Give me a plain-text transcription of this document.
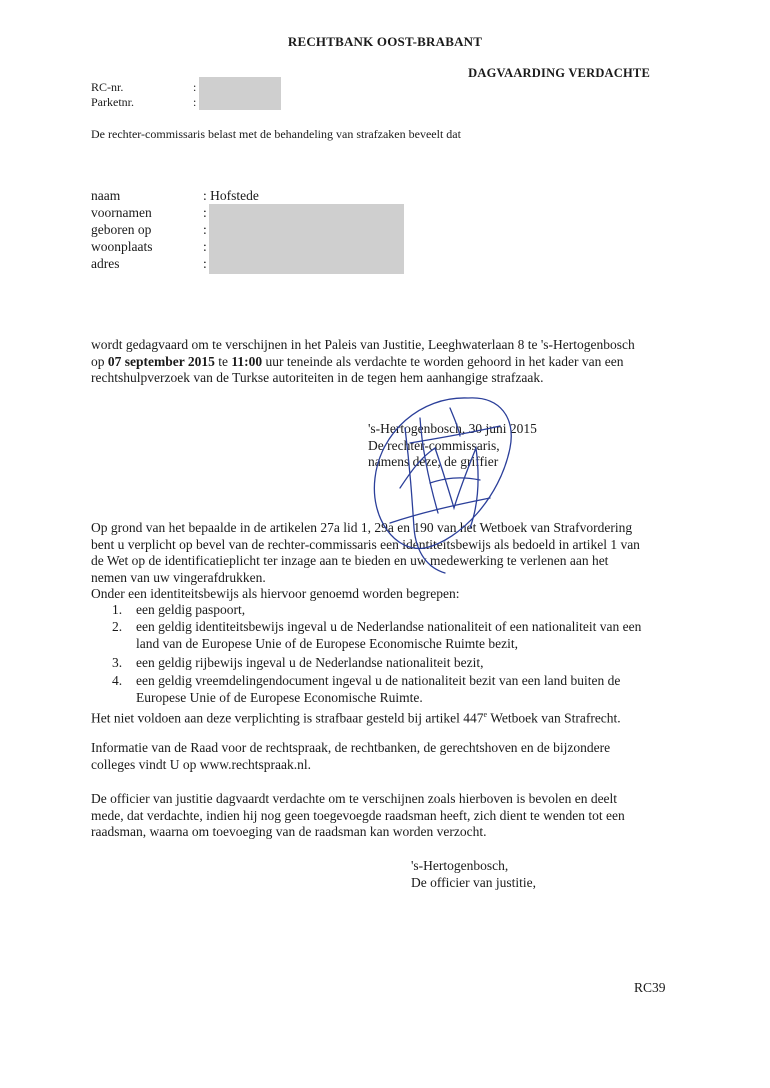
RECHTBANK OOST-BRABANT
DAGVAARDING VERDACHTE
RC-nr.	:
Parketnr.	:
De rechter-commissaris belast met de behandeling van strafzaken beveelt dat
naam	: Hofstede
voornamen	:
geboren op	:
woonplaats	:
adres	:
wordt gedagvaard om te verschijnen in het Paleis van Justitie, Leeghwaterlaan 8 te 's-Hertogenbosch
op 07 september 2015 te 11:00 uur teneinde als verdachte te worden gehoord in het kader van een
rechtshulpverzoek van de Turkse autoriteiten in de tegen hem aanhangige strafzaak.
's-Hertogenbosch, 30 juni 2015
De rechter-commissaris,
namens deze, de griffier
Op grond van het bepaalde in de artikelen 27a lid 1, 29a en 190 van het Wetboek van Strafvordering
bent u verplicht op bevel van de rechter-commissaris een identiteitsbewijs als bedoeld in artikel 1 van
de Wet op de identificatieplicht ter inzage aan te bieden en uw medewerking te verlenen aan het
nemen van uw vingerafdrukken.
Onder een identiteitsbewijs als hiervoor genoemd worden begrepen:
1. een geldig paspoort,
2. een geldig identiteitsbewijs ingeval u de Nederlandse nationaliteit of een nationaliteit van een
land van de Europese Unie of de Europese Economische Ruimte bezit,
3. een geldig rijbewijs ingeval u de Nederlandse nationaliteit bezit,
4. een geldig vreemdelingendocument ingeval u de nationaliteit bezit van een land buiten de
Europese Unie of de Europese Economische Ruimte.
Het niet voldoen aan deze verplichting is strafbaar gesteld bij artikel 447e Wetboek van Strafrecht.
Informatie van de Raad voor de rechtspraak, de rechtbanken, de gerechtshoven en de bijzondere
colleges vindt U op www.rechtspraak.nl.
De officier van justitie dagvaardt verdachte om te verschijnen zoals hierboven is bevolen en deelt
mede, dat verdachte, indien hij nog geen toegevoegde raadsman heeft, zich dient te wenden tot een
raadsman, waarna om toevoeging van de raadsman kan worden verzocht.
's-Hertogenbosch,
De officier van justitie,
RC39
